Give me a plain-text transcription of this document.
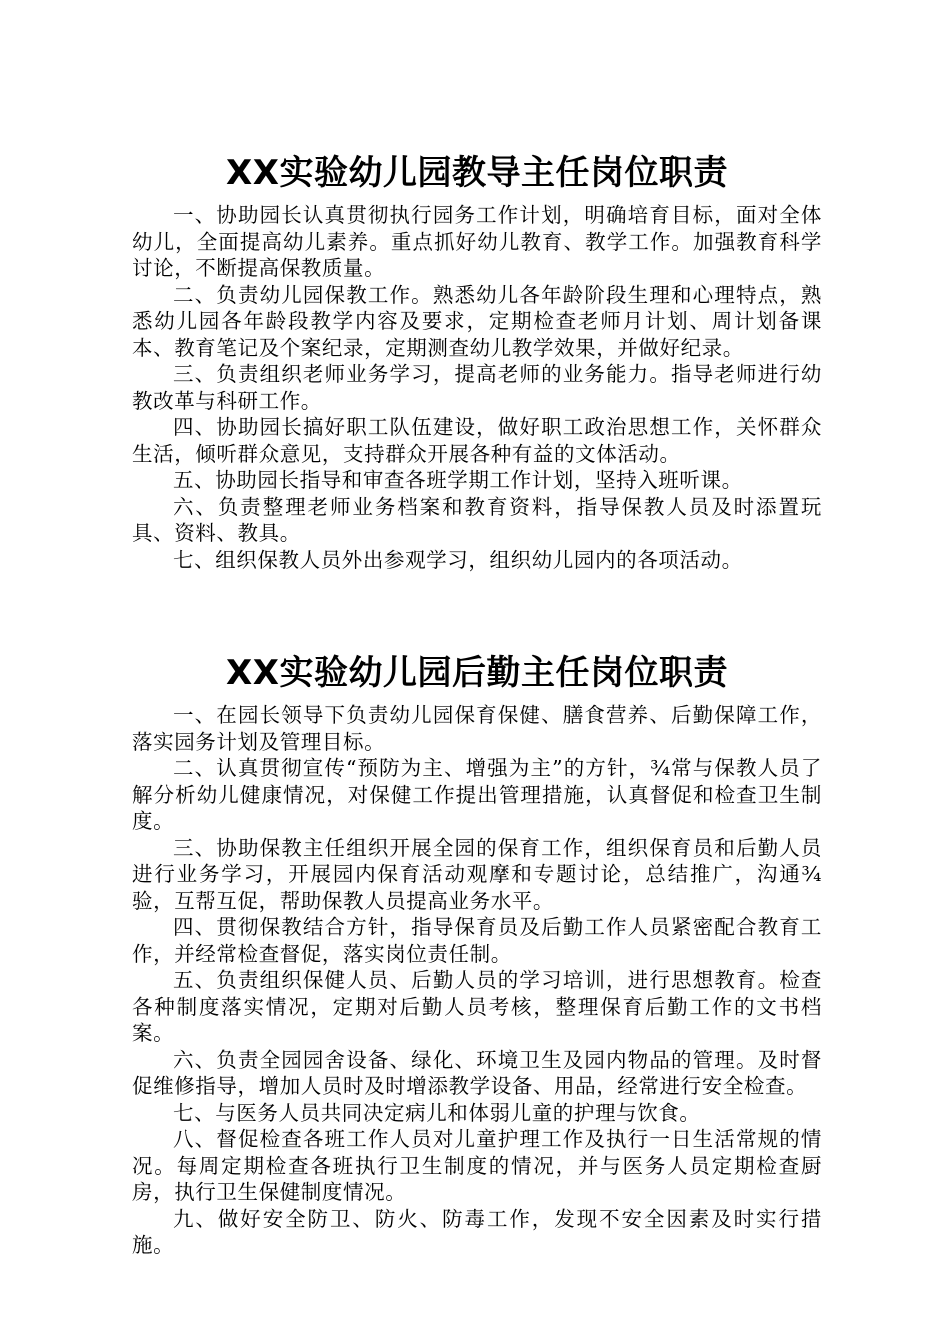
XX实验幼儿园教导主任岗位职责

一、协助园长认真贯彻执行园务工作计划，明确培育目标，面对全体幼儿，全面提高幼儿素养。重点抓好幼儿教育、教学工作。加强教育科学讨论，不断提高保教质量。

二、负责幼儿园保教工作。熟悉幼儿各年龄阶段生理和心理特点，熟悉幼儿园各年龄段教学内容及要求，定期检查老师月计划、周计划备课本、教育笔记及个案纪录，定期测查幼儿教学效果，并做好纪录。

三、负责组织老师业务学习，提高老师的业务能力。指导老师进行幼教改革与科研工作。

四、协助园长搞好职工队伍建设，做好职工政治思想工作，关怀群众生活，倾听群众意见，支持群众开展各种有益的文体活动。

五、协助园长指导和审查各班学期工作计划，坚持入班听课。

六、负责整理老师业务档案和教育资料，指导保教人员及时添置玩具、资料、教具。

七、组织保教人员外出参观学习，组织幼儿园内的各项活动。

XX实验幼儿园后勤主任岗位职责

一、在园长领导下负责幼儿园保育保健、膳食营养、后勤保障工作，落实园务计划及管理目标。

二、认真贯彻宣传“预防为主、增强为主”的方针，¾常与保教人员了解分析幼儿健康情况，对保健工作提出管理措施，认真督促和检查卫生制度。

三、协助保教主任组织开展全园的保育工作，组织保育员和后勤人员进行业务学习，开展园内保育活动观摩和专题讨论，总结推广，沟通¾验，互帮互促，帮助保教人员提高业务水平。

四、贯彻保教结合方针，指导保育员及后勤工作人员紧密配合教育工作，并经常检查督促，落实岗位责任制。

五、负责组织保健人员、后勤人员的学习培训，进行思想教育。检查各种制度落实情况，定期对后勤人员考核，整理保育后勤工作的文书档案。

六、负责全园园舍设备、绿化、环境卫生及园内物品的管理。及时督促维修指导，增加人员时及时增添教学设备、用品，经常进行安全检查。

七、与医务人员共同决定病儿和体弱儿童的护理与饮食。

八、督促检查各班工作人员对儿童护理工作及执行一日生活常规的情况。每周定期检查各班执行卫生制度的情况，并与医务人员定期检查厨房，执行卫生保健制度情况。

九、做好安全防卫、防火、防毒工作，发现不安全因素及时实行措施。
